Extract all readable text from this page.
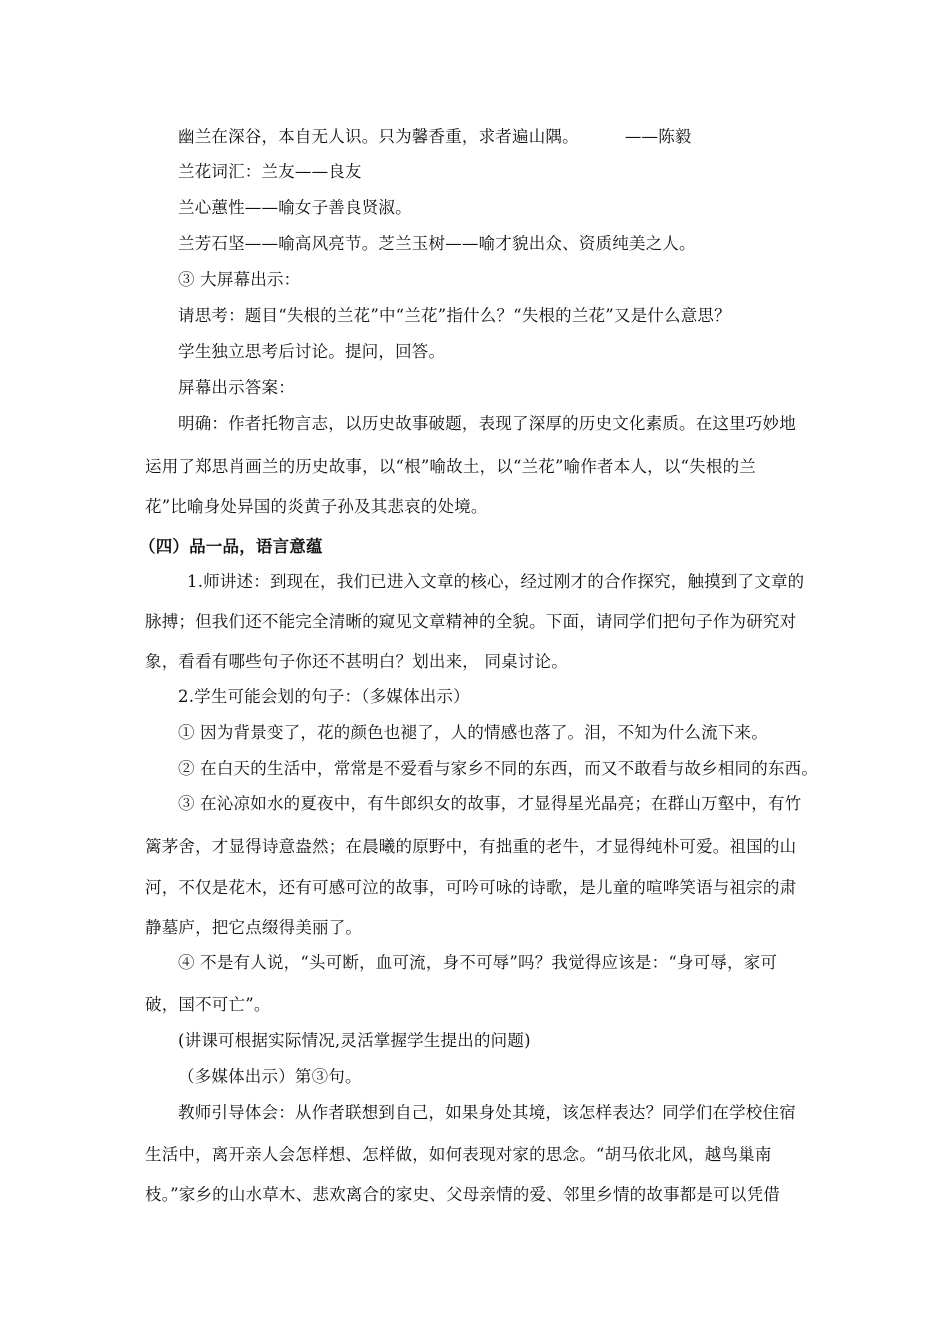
幽兰在深谷，本自无人识。只为馨香重，求者遍山隅。	——陈毅
兰花词汇：兰友——良友
兰心蕙性——喻女子善良贤淑。
兰芳石坚——喻高风亮节。芝兰玉树——喻才貌出众、资质纯美之人。
③ 大屏幕出示：
请思考：题目“失根的兰花”中“兰花”指什么？“失根的兰花”又是什么意思？
学生独立思考后讨论。提问，回答。
屏幕出示答案：
明确：作者托物言志，以历史故事破题，表现了深厚的历史文化素质。在这里巧妙地
运用了郑思肖画兰的历史故事，以“根”喻故土，以“兰花”喻作者本人，以“失根的兰
花”比喻身处异国的炎黄子孙及其悲哀的处境。
（四）品一品，语言意蕴
1.师讲述：到现在，我们已进入文章的核心，经过刚才的合作探究，触摸到了文章的
脉搏；但我们还不能完全清晰的窥见文章精神的全貌。下面，请同学们把句子作为研究对
象，看看有哪些句子你还不甚明白？划出来， 同桌讨论。
2.学生可能会划的句子：（多媒体出示）
① 因为背景变了，花的颜色也褪了，人的情感也落了。泪，不知为什么流下来。
② 在白天的生活中，常常是不爱看与家乡不同的东西，而又不敢看与故乡相同的东西。
③ 在沁凉如水的夏夜中，有牛郎织女的故事，才显得星光晶亮；在群山万壑中，有竹
篱茅舍，才显得诗意盎然；在晨曦的原野中，有拙重的老牛，才显得纯朴可爱。祖国的山
河，不仅是花木，还有可感可泣的故事，可吟可咏的诗歌，是儿童的喧哗笑语与祖宗的肃
静墓庐，把它点缀得美丽了。
④ 不是有人说，“头可断，血可流，身不可辱”吗？我觉得应该是：“身可辱，家可
破，国不可亡”。
(讲课可根据实际情况,灵活掌握学生提出的问题)
（多媒体出示）第③句。
教师引导体会：从作者联想到自己，如果身处其境，该怎样表达？同学们在学校住宿
生活中，离开亲人会怎样想、怎样做，如何表现对家的思念。“胡马依北风，越鸟巢南
枝。”家乡的山水草木、悲欢离合的家史、父母亲情的爱、邻里乡情的故事都是可以凭借
